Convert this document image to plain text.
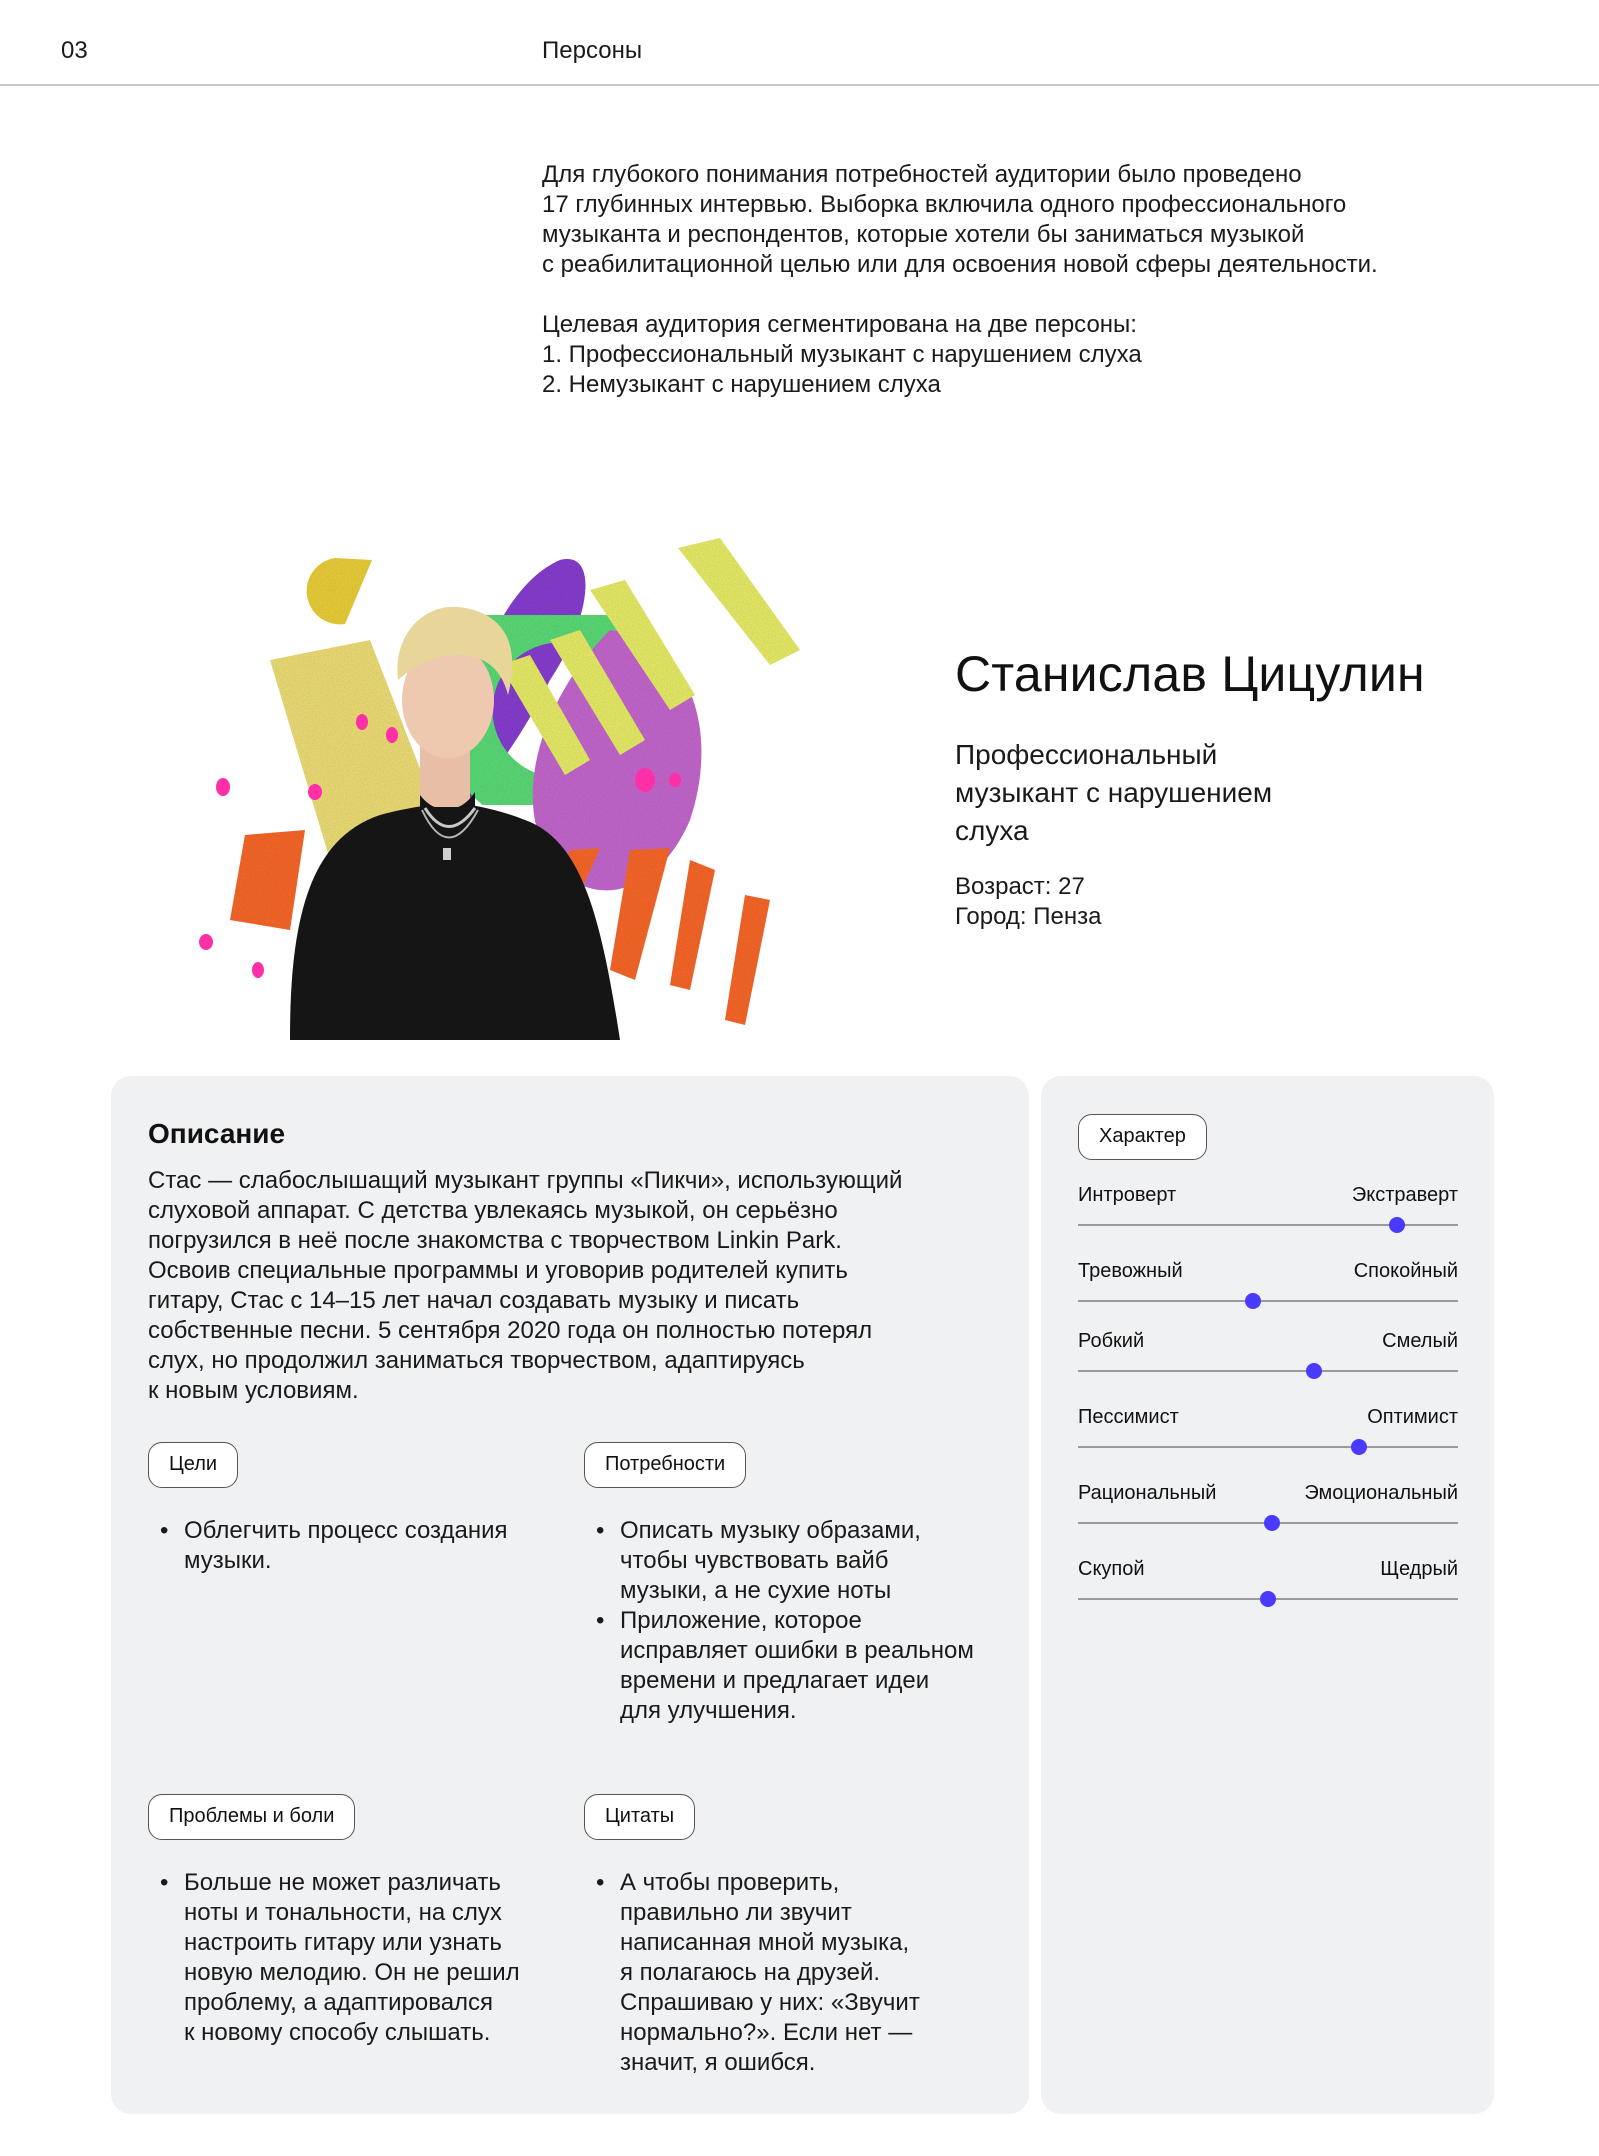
03	Персоны

Для глубокого понимания потребностей аудитории было проведено

17 глубинных интервью. Выборка включила одного профессионального

музыканта и респондентов, которые хотели бы заниматься музыкой

с реабилитационной целью или для освоения новой сферы деятельности.

Целевая аудитория сегментирована на две персоны:

1. Профессиональный музыкант с нарушением слуха

2. Немузыкант с нарушением слуха

Станислав Цицулин
Профессиональный
музыкант с нарушением
слуха
Возраст: 27
Город: Пенза
Описание
Стас — слабослышащий музыкант группы «Пикчи», использующий
слуховой аппарат. С детства увлекаясь музыкой, он серьёзно
погрузился в неё после знакомства с творчеством Linkin Park.
Освоив специальные программы и уговорив родителей купить
гитару, Стас с 14–15 лет начал создавать музыку и писать
собственные песни. 5 сентября 2020 года он полностью потерял
слух, но продолжил заниматься творчеством, адаптируясь
к новым условиям.
Цели
• Облегчить процесс создания
музыки.
Потребности
• Описать музыку образами,
чтобы чувствовать вайб
музыки, а не сухие ноты
• Приложение, которое
исправляет ошибки в реальном
времени и предлагает идеи
для улучшения.
Проблемы и боли
• Больше не может различать
ноты и тональности, на слух
настроить гитару или узнать
новую мелодию. Он не решил
проблему, а адаптировался
к новому способу слышать.
Цитаты
• А чтобы проверить,
правильно ли звучит
написанная мной музыка,
я полагаюсь на друзей.
Спрашиваю у них: «Звучит
нормально?». Если нет —
значит, я ошибся.
Характер
Интроверт	Экстраверт
Тревожный	Спокойный
Робкий	Смелый
Пессимист	Оптимист
Рациональный	Эмоциональный
Скупой	Щедрый
